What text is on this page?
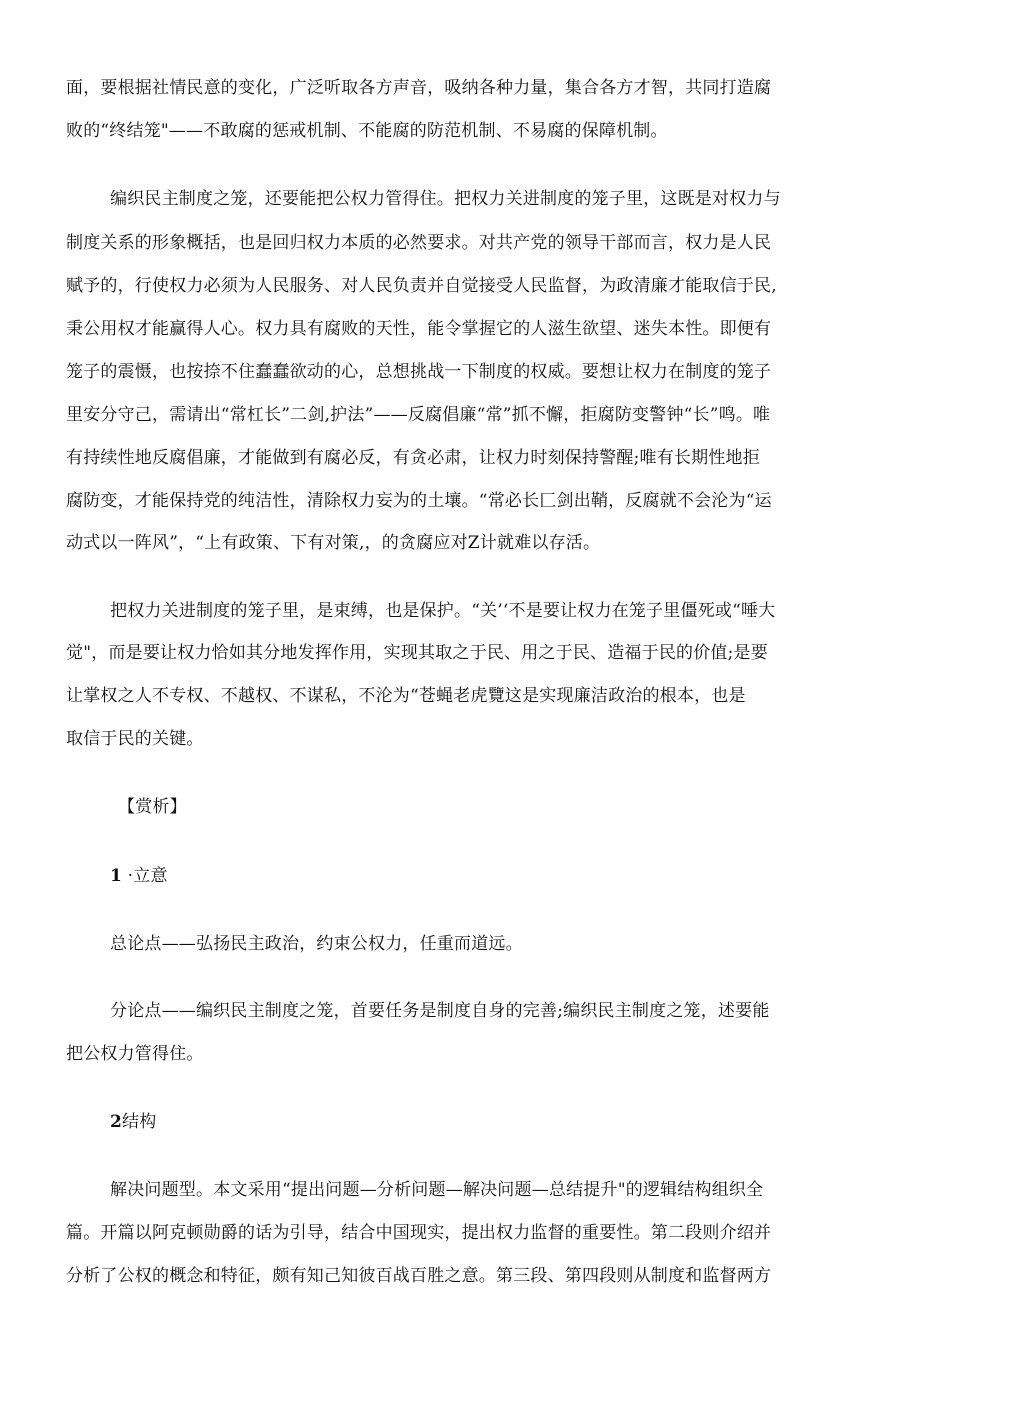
面，要根据社情民意的变化，广泛听取各方声音，吸纳各种力量，集合各方才智，共同打造腐
败的“终结笼"——不敢腐的惩戒机制、不能腐的防范机制、不易腐的保障机制。
编织民主制度之笼，还要能把公权力管得住。把权力关进制度的笼子里，这既是对权力与
制度关系的形象概括，也是回归权力本质的必然要求。对共产党的领导干部而言，权力是人民
赋予的，行使权力必须为人民服务、对人民负责并自觉接受人民监督，为政清廉才能取信于民,
秉公用权才能赢得人心。权力具有腐败的天性，能令掌握它的人滋生欲望、迷失本性。即便有
笼子的震慑，也按捺不住蠢蠢欲动的心，总想挑战一下制度的权威。要想让权力在制度的笼子
里安分守己，需请出“常杠长”二剑,护法”——反腐倡廉“常”抓不懈，拒腐防变警钟“长”鸣。唯
有持续性地反腐倡廉，才能做到有腐必反，有贪必肃，让权力时刻保持警醒;唯有长期性地拒
腐防变，才能保持党的纯洁性，清除权力妄为的土壤。“常必长匚剑出鞘，反腐就不会沦为“运
动式以一阵风”，“上有政策、下有对策,，的贪腐应对Z计就难以存活。
把权力关进制度的笼子里，是束缚，也是保护。“关’‘不是要让权力在笼子里僵死或“唾大
觉"，而是要让权力恰如其分地发挥作用，实现其取之于民、用之于民、造福于民的价值;是要
让掌权之人不专权、不越权、不谋私，不沦为“苍蝇老虎覽这是实现廉洁政治的根本，也是
取信于民的关键。
【赏析】
1 ·立意
总论点——弘扬民主政治，约束公权力，任重而道远。
分论点——编织民主制度之笼，首要任务是制度自身的完善;编织民主制度之笼，述要能
把公权力管得住。
2结构
解决问题型。本文采用“提出问题—分析问题—解决问题—总结提升"的逻辑结构组织全
篇。开篇以阿克顿勋爵的话为引导，结合中国现实，提出权力监督的重要性。第二段则介绍并
分析了公权的概念和特征，颇有知己知彼百战百胜之意。第三段、第四段则从制度和监督两方
